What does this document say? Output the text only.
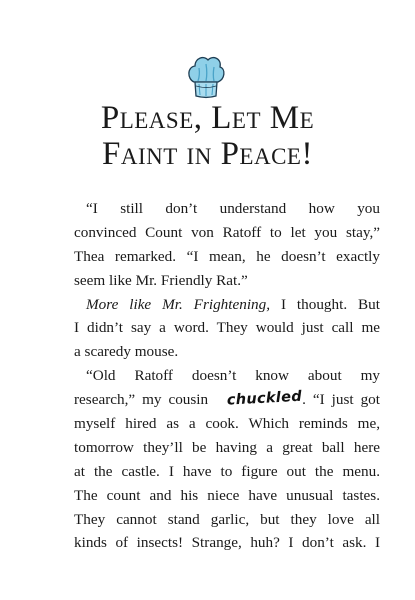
Please, Let Me
Faint in Peace!
“I still don’t understand how you
convinced Count von Ratoff to let you stay,”
Thea remarked. “I mean, he doesn’t exactly
seem like Mr. Friendly Rat.”
More like Mr. Frightening, I thought. But
I didn’t say a word. They would just call me
a scaredy mouse.
“Old Ratoff doesn’t know about my
research,” my cousin chuckled. “I just got
myself hired as a cook. Which reminds me,
tomorrow they’ll be having a great ball here
at the castle. I have to figure out the menu.
The count and his niece have unusual tastes.
They cannot stand garlic, but they love all
kinds of insects! Strange, huh? I don’t ask. I
